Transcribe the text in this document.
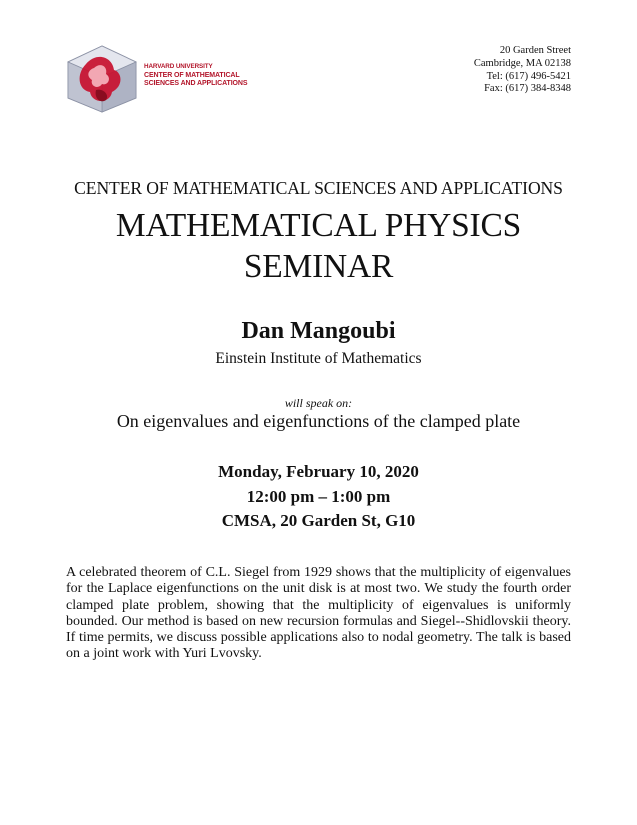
HARVARD UNIVERSITY
CENTER OF MATHEMATICAL
SCIENCES AND APPLICATIONS
20 Garden Street
Cambridge, MA 02138
Tel: (617) 496-5421
Fax: (617) 384-8348
CENTER OF MATHEMATICAL SCIENCES AND APPLICATIONS
MATHEMATICAL PHYSICS
SEMINAR
Dan Mangoubi
Einstein Institute of Mathematics
will speak on:
On eigenvalues and eigenfunctions of the clamped plate
Monday, February 10, 2020
12:00 pm – 1:00 pm
CMSA, 20 Garden St, G10
A celebrated theorem of C.L. Siegel from 1929 shows that the multiplicity of eigenvalues for the Laplace eigenfunctions on the unit disk is at most two. We study the fourth order clamped plate problem, showing that the multiplicity of eigenvalues is uniformly bounded. Our method is based on new recursion formulas and Siegel--Shidlovskii theory. If time permits, we discuss possible applications also to nodal geometry. The talk is based on a joint work with Yuri Lvovsky.
